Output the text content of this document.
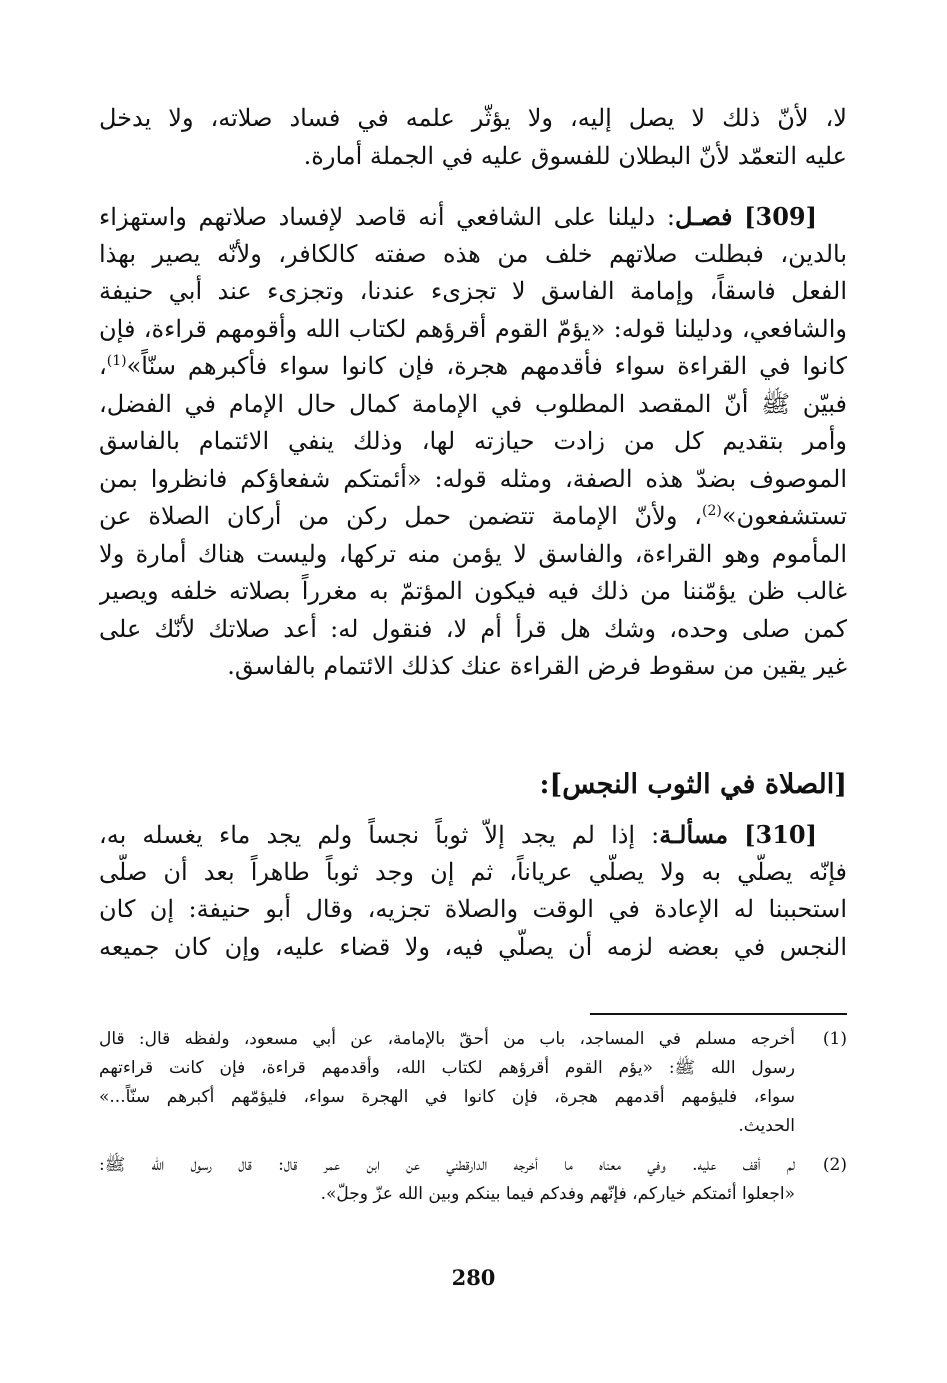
لا، لأنّ ذلك لا يصل إليه، ولا يؤثّر علمه في فساد صلاته، ولا يدخل
عليه التعمّد لأنّ البطلان للفسوق عليه في الجملة أمارة.
[309] فصـل: دليلنا على الشافعي أنه قاصد لإفساد صلاتهم واستهزاء
بالدين، فبطلت صلاتهم خلف من هذه صفته كالكافر، ولأنّه يصير بهذا
الفعل فاسقاً، وإمامة الفاسق لا تجزىء عندنا، وتجزىء عند أبي حنيفة
والشافعي، ودليلنا قوله: «يؤمّ القوم أقرؤهم لكتاب الله وأقومهم قراءة، فإن
كانوا في القراءة سواء فأقدمهم هجرة، فإن كانوا سواء فأكبرهم سنّاً»$^{(1)}$،
فبيّن ﷺ أنّ المقصد المطلوب في الإمامة كمال حال الإمام في الفضل،
وأمر بتقديم كل من زادت حيازته لها، وذلك ينفي الائتمام بالفاسق
الموصوف بضدّ هذه الصفة، ومثله قوله: «أئمتكم شفعاؤكم فانظروا بمن
تستشفعون»$^{(2)}$، ولأنّ الإمامة تتضمن حمل ركن من أركان الصلاة عن
المأموم وهو القراءة، والفاسق لا يؤمن منه تركها، وليست هناك أمارة ولا
غالب ظن يؤمّننا من ذلك فيه فيكون المؤتمّ به مغرراً بصلاته خلفه ويصير
كمن صلى وحده، وشك هل قرأ أم لا، فنقول له: أعد صلاتك لأنّك على
غير يقين من سقوط فرض القراءة عنك كذلك الائتمام بالفاسق.
[الصلاة في الثوب النجس]:
[310] مسألـة: إذا لم يجد إلاّ ثوباً نجساً ولم يجد ماء يغسله به،
فإنّه يصلّي به ولا يصلّي عرياناً، ثم إن وجد ثوباً طاهراً بعد أن صلّى
استحببنا له الإعادة في الوقت والصلاة تجزيه، وقال أبو حنيفة: إن كان
النجس في بعضه لزمه أن يصلّي فيه، ولا قضاء عليه، وإن كان جميعه
(1)
أخرجه مسلم في المساجد، باب من أحقّ بالإمامة، عن أبي مسعود، ولفظه قال: قال
رسول الله ﷺ: «يؤم القوم أقرؤهم لكتاب الله، وأقدمهم قراءة، فإن كانت قراءتهم
سواء، فليؤمهم أقدمهم هجرة، فإن كانوا في الهجرة سواء، فليؤمّهم أكبرهم سنّاً...»
الحديث.
(2)
لم أقف عليه. وفي معناه ما أخرجه الدارقطني عن ابن عمر قال: قال رسول الله ﷺ:
«اجعلوا أئمتكم خياركم، فإنّهم وفدكم فيما بينكم وبين الله عزّ وجلّ».
280
